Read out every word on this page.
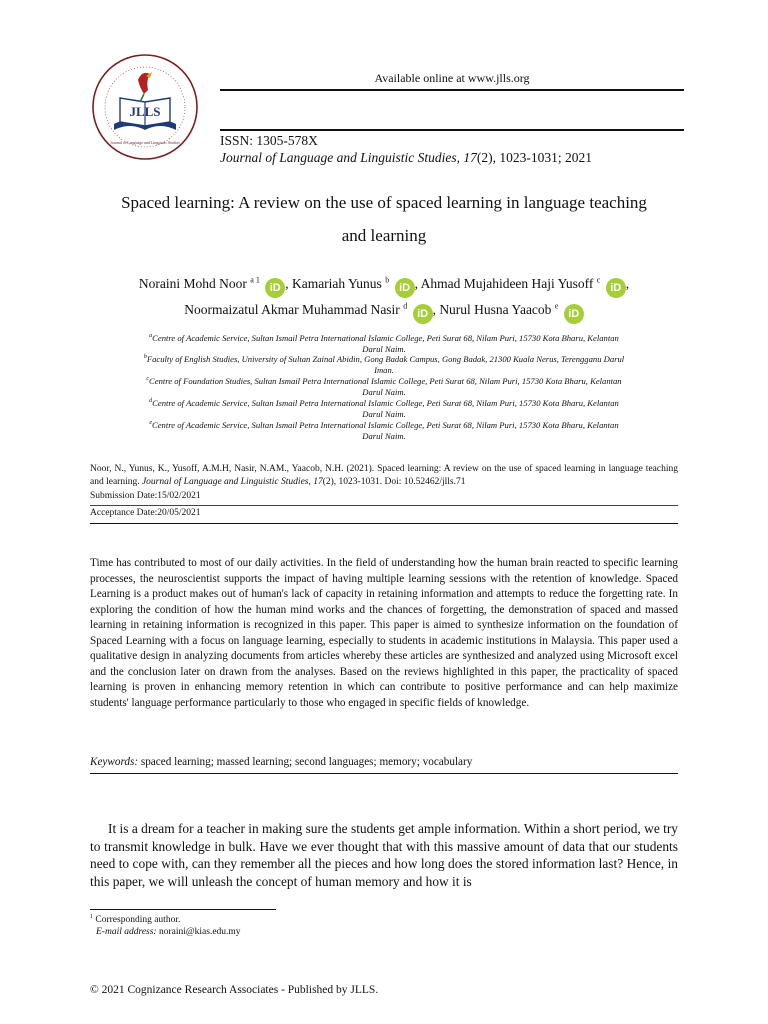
JLLS
Journal of Language and Linguistic Studies
Available online at www.jlls.org
ISSN: 1305-578X
Journal of Language and Linguistic Studies, 17(2), 1023-1031; 2021
Spaced learning: A review on the use of spaced learning in language teaching
and learning
Noraini Mohd Noor $^{a 1}$ iD , Kamariah Yunus $^b$ iD , Ahmad Mujahideen Haji Yusoff $^c$ iD ,
Noormaizatul Akmar Muhammad Nasir $^d$ iD , Nurul Husna Yaacob $^e$ iD
$^a$Centre of Academic Service, Sultan Ismail Petra International Islamic College, Peti Surat 68, Nilam Puri, 15730 Kota Bharu, Kelantan
Darul Naim.
$^b$Faculty of English Studies, University of Sultan Zainal Abidin, Gong Badak Campus, Gong Badak, 21300 Kuala Nerus, Terengganu Darul
Iman.
$^c$Centre of Foundation Studies, Sultan Ismail Petra International Islamic College, Peti Surat 68, Nilam Puri, 15730 Kota Bharu, Kelantan
Darul Naim.
$^d$Centre of Academic Service, Sultan Ismail Petra International Islamic College, Peti Surat 68, Nilam Puri, 15730 Kota Bharu, Kelantan
Darul Naim.
$^e$Centre of Academic Service, Sultan Ismail Petra International Islamic College, Peti Surat 68, Nilam Puri, 15730 Kota Bharu, Kelantan
Darul Naim.
Noor, N., Yunus, K., Yusoff, A.M.H, Nasir, N.AM., Yaacob, N.H. (2021). Spaced learning: A review on the use of spaced learning in language teaching and learning. Journal of Language and Linguistic Studies, 17(2), 1023-1031. Doi: 10.52462/jlls.71
Submission Date:15/02/2021
Acceptance Date:20/05/2021
Time has contributed to most of our daily activities. In the field of understanding how the human brain reacted to specific learning processes, the neuroscientist supports the impact of having multiple learning sessions with the retention of knowledge. Spaced Learning is a product makes out of human's lack of capacity in retaining information and attempts to reduce the forgetting rate. In exploring the condition of how the human mind works and the chances of forgetting, the demonstration of spaced and massed learning in retaining information is recognized in this paper. This paper is aimed to synthesize information on the foundation of Spaced Learning with a focus on language learning, especially to students in academic institutions in Malaysia. This paper used a qualitative design in analyzing documents from articles whereby these articles are synthesized and analyzed using Microsoft excel and the conclusion later on drawn from the analyses. Based on the reviews highlighted in this paper, the practicality of spaced learning is proven in enhancing memory retention in which can contribute to positive performance and can help maximize students' language performance particularly to those who engaged in specific fields of knowledge.
Keywords: spaced learning; massed learning; second languages; memory; vocabulary
It is a dream for a teacher in making sure the students get ample information. Within a short period, we try to transmit knowledge in bulk. Have we ever thought that with this massive amount of data that our students need to cope with, can they remember all the pieces and how long does the stored information last? Hence, in this paper, we will unleash the concept of human memory and how it is
$^1$ Corresponding author.
E-mail address: noraini@kias.edu.my
© 2021 Cognizance Research Associates - Published by JLLS.
